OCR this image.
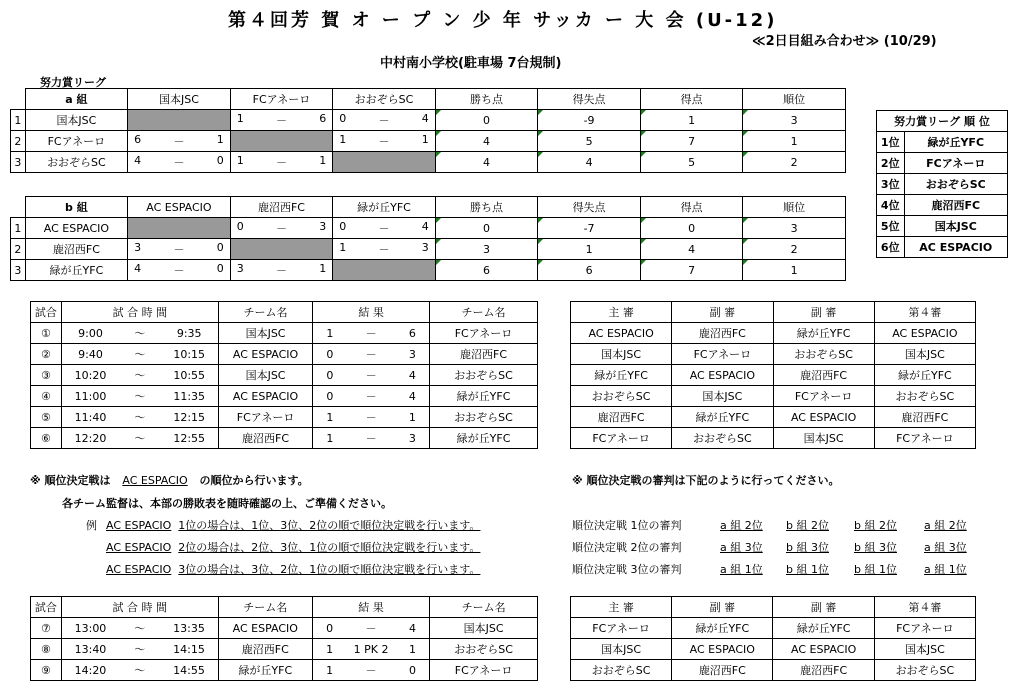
第４回芳 賀 オ ー プ ン 少 年 サッカ ー 大 会 (U-12)
≪2日目組み合わせ≫ (10/29)
中村南小学校(駐車場 7台規制)
努力賞リーグ
	a 組	国本JSC	FCアネーロ	おおぞらSC	勝ち点	得失点	得点	順位
1	国本JSC		1 － 6	0 － 4	0	-9	1	3
2	FCアネーロ	6 － 1		1 － 1	4	5	7	1
3	おおぞらSC	4 － 0	1 － 1		4	4	5	2
	b 組	AC ESPACIO	鹿沼西FC	緑が丘YFC	勝ち点	得失点	得点	順位
1	AC ESPACIO		0 － 3	0 － 4	0	-7	0	3
2	鹿沼西FC	3 － 0		1 － 3	3	1	4	2
3	緑が丘YFC	4 － 0	3 － 1		6	6	7	1
努力賞リーグ 順 位	
1位	緑が丘YFC
2位	FCアネーロ
3位	おおぞらSC
4位	鹿沼西FC
5位	国本JSC
6位	AC ESPACIO
試合	試 合 時 間			チーム名	結 果			チーム名
①	9:00	〜	9:35	国本JSC	1	－	6	FCアネーロ
②	9:40	〜	10:15	AC ESPACIO	0	－	3	鹿沼西FC
③	10:20	〜	10:55	国本JSC	0	－	4	おおぞらSC
④	11:00	〜	11:35	AC ESPACIO	0	－	4	緑が丘YFC
⑤	11:40	〜	12:15	FCアネーロ	1	－	1	おおぞらSC
⑥	12:20	〜	12:55	鹿沼西FC	1	－	3	緑が丘YFC
主 審	副 審	副 審	第４審
AC ESPACIO	鹿沼西FC	緑が丘YFC	AC ESPACIO
国本JSC	FCアネーロ	おおぞらSC	国本JSC
緑が丘YFC	AC ESPACIO	鹿沼西FC	緑が丘YFC
おおぞらSC	国本JSC	FCアネーロ	おおぞらSC
鹿沼西FC	緑が丘YFC	AC ESPACIO	鹿沼西FC
FCアネーロ	おおぞらSC	国本JSC	FCアネーロ
※ 順位決定戦は AC ESPACIO の順位から行います。
各チーム監督は、本部の勝敗表を随時確認の上、ご準備ください。
例 AC ESPACIO 1位の場合は、1位、3位、2位の順で順位決定戦を行います。
AC ESPACIO 2位の場合は、2位、3位、1位の順で順位決定戦を行います。
AC ESPACIO 3位の場合は、3位、2位、1位の順で順位決定戦を行います。
※ 順位決定戦の審判は下記のように行ってください。
順位決定戦 1位の審判	a 組 2位 b 組 2位 b 組 2位 a 組 2位
順位決定戦 2位の審判	a 組 3位 b 組 3位 b 組 3位 a 組 3位
順位決定戦 3位の審判	a 組 1位 b 組 1位 b 組 1位 a 組 1位
試合	試 合 時 間			チーム名	結 果			チーム名
⑦	13:00	〜	13:35	AC ESPACIO	0	－	4	国本JSC
⑧	13:40	〜	14:15	鹿沼西FC	1	1 PK 2	1	おおぞらSC
⑨	14:20	〜	14:55	緑が丘YFC	1	－	0	FCアネーロ
主 審	副 審	副 審	第４審
FCアネーロ	緑が丘YFC	緑が丘YFC	FCアネーロ
国本JSC	AC ESPACIO	AC ESPACIO	国本JSC
おおぞらSC	鹿沼西FC	鹿沼西FC	おおぞらSC
